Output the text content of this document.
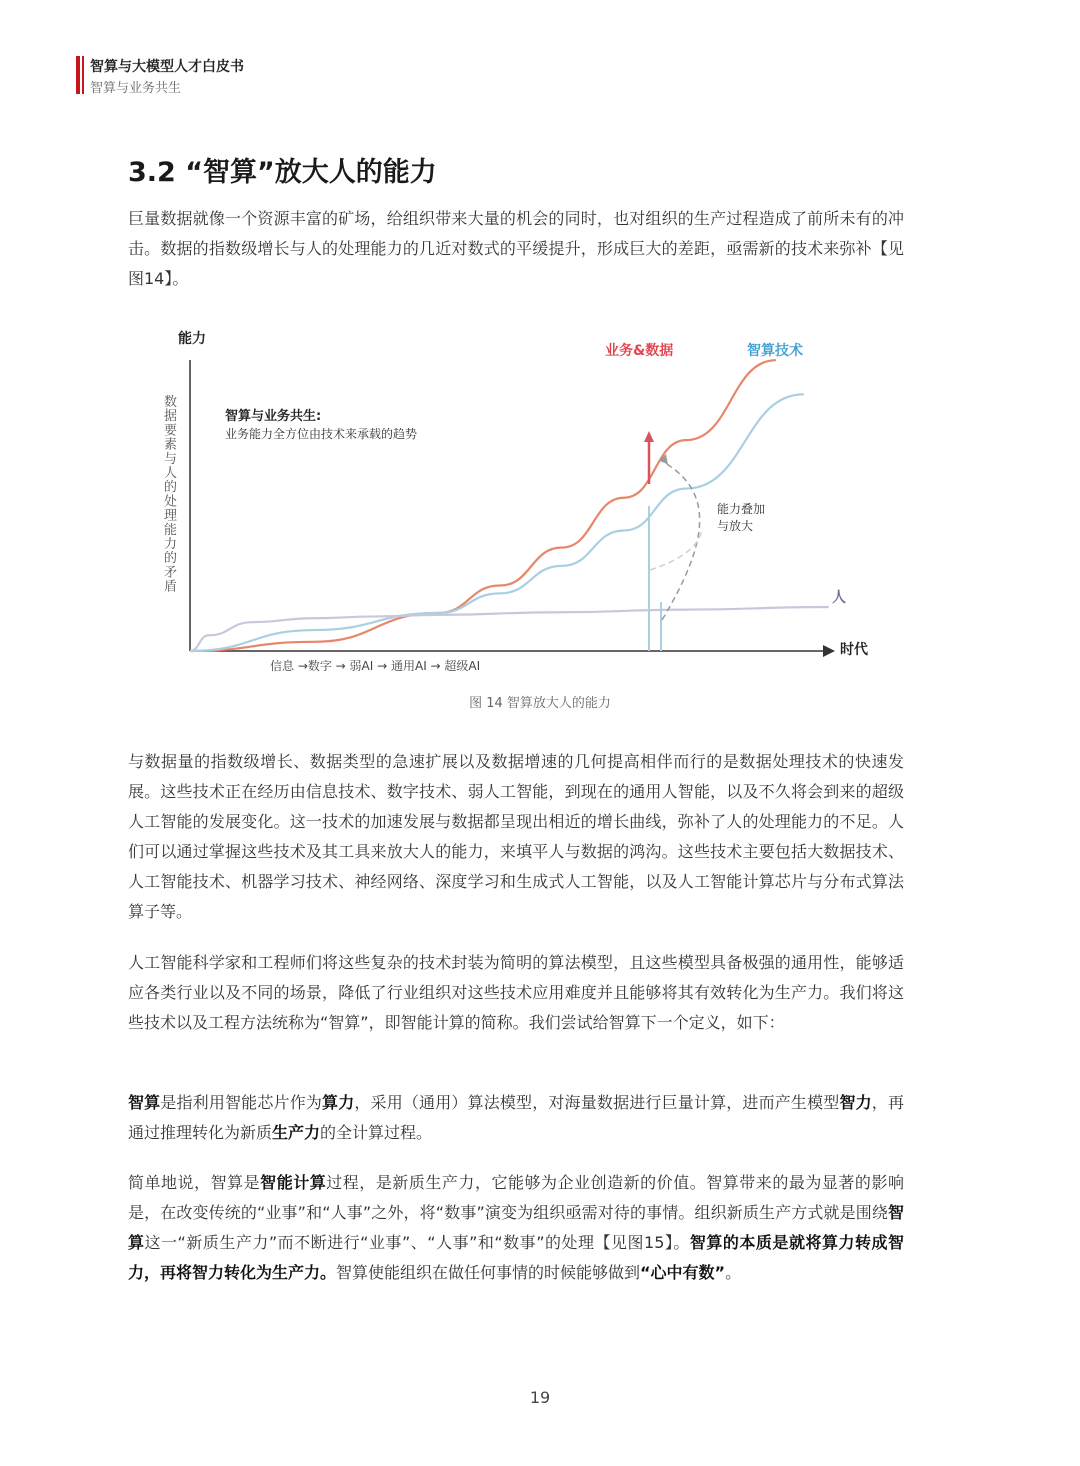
智算与大模型人才白皮书
智算与业务共生
3.2 “智算”放大人的能力

巨量数据就像一个资源丰富的矿场，给组织带来大量的机会的同时，也对组织的生产过程造成了前所未有的冲击。数据的指数级增长与人的处理能力的几近对数式的平缓提升，形成巨大的差距，亟需新的技术来弥补【见图14】。

能力
时代
数据要素与人的处理能力的矛盾
信息 →数字 → 弱AI → 通用AI → 超级AI
业务&数据	智算技术
人
智算与业务共生:
业务能力全方位由技术来承载的趋势
能力叠加
与放大
图 14 智算放大人的能力

与数据量的指数级增长、数据类型的急速扩展以及数据增速的几何提高相伴而行的是数据处理技术的快速发展。这些技术正在经历由信息技术、数字技术、弱人工智能，到现在的通用人智能，以及不久将会到来的超级人工智能的发展变化。这一技术的加速发展与数据都呈现出相近的增长曲线，弥补了人的处理能力的不足。人们可以通过掌握这些技术及其工具来放大人的能力，来填平人与数据的鸿沟。这些技术主要包括大数据技术、人工智能技术、机器学习技术、神经网络、深度学习和生成式人工智能，以及人工智能计算芯片与分布式算法算子等。

人工智能科学家和工程师们将这些复杂的技术封装为简明的算法模型，且这些模型具备极强的通用性，能够适应各类行业以及不同的场景，降低了行业组织对这些技术应用难度并且能够将其有效转化为生产力。我们将这些技术以及工程方法统称为“智算”，即智能计算的简称。我们尝试给智算下一个定义，如下：

智算是指利用智能芯片作为算力，采用（通用）算法模型，对海量数据进行巨量计算，进而产生模型智力，再通过推理转化为新质生产力的全计算过程。

简单地说，智算是智能计算过程，是新质生产力，它能够为企业创造新的价值。智算带来的最为显著的影响是，在改变传统的“业事”和“人事”之外，将“数事”演变为组织亟需对待的事情。组织新质生产方式就是围绕智算这一“新质生产力”而不断进行“业事”、“人事”和“数事”的处理【见图15】。智算的本质是就将算力转成智力，再将智力转化为生产力。智算使能组织在做任何事情的时候能够做到“心中有数”。

19
